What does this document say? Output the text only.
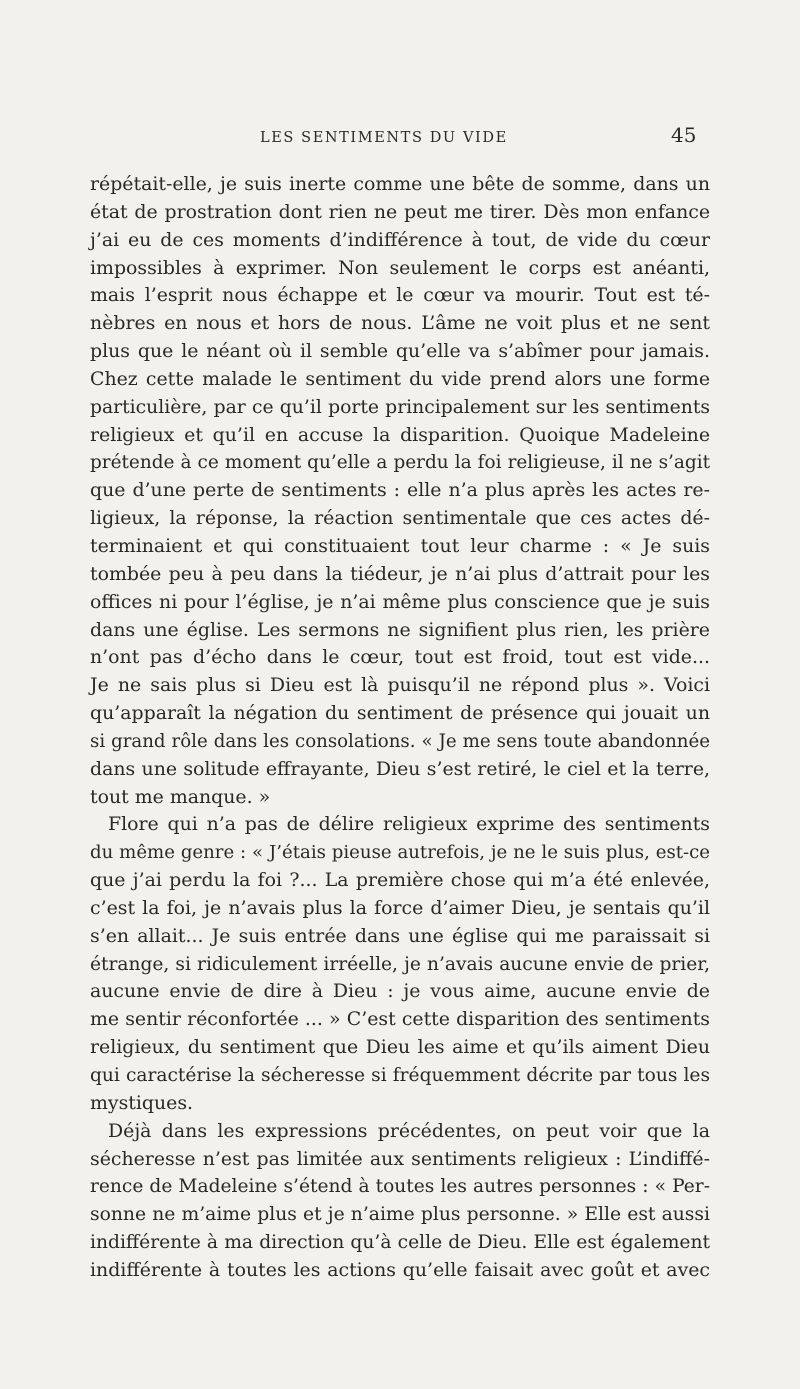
LES SENTIMENTS DU VIDE	45
répétait-elle, je suis inerte comme une bête de somme, dans un
état de prostration dont rien ne peut me tirer. Dès mon enfance
j’ai eu de ces moments d’indifférence à tout, de vide du cœur
impossibles à exprimer. Non seulement le corps est anéanti,
mais l’esprit nous échappe et le cœur va mourir. Tout est té-
nèbres en nous et hors de nous. L’âme ne voit plus et ne sent
plus que le néant où il semble qu’elle va s’abîmer pour jamais.
Chez cette malade le sentiment du vide prend alors une forme
particulière, par ce qu’il porte principalement sur les sentiments
religieux et qu’il en accuse la disparition. Quoique Madeleine
prétende à ce moment qu’elle a perdu la foi religieuse, il ne s’agit
que d’une perte de sentiments : elle n’a plus après les actes re-
ligieux, la réponse, la réaction sentimentale que ces actes dé-
terminaient et qui constituaient tout leur charme : « Je suis
tombée peu à peu dans la tiédeur, je n’ai plus d’attrait pour les
offices ni pour l’église, je n’ai même plus conscience que je suis
dans une église. Les sermons ne signifient plus rien, les prière
n’ont pas d’écho dans le cœur, tout est froid, tout est vide...
Je ne sais plus si Dieu est là puisqu’il ne répond plus ». Voici
qu’apparaît la négation du sentiment de présence qui jouait un
si grand rôle dans les consolations. « Je me sens toute abandonnée
dans une solitude effrayante, Dieu s’est retiré, le ciel et la terre,
tout me manque. »
Flore qui n’a pas de délire religieux exprime des sentiments
du même genre : « J’étais pieuse autrefois, je ne le suis plus, est-ce
que j’ai perdu la foi ?... La première chose qui m’a été enlevée,
c’est la foi, je n’avais plus la force d’aimer Dieu, je sentais qu’il
s’en allait... Je suis entrée dans une église qui me paraissait si
étrange, si ridiculement irréelle, je n’avais aucune envie de prier,
aucune envie de dire à Dieu : je vous aime, aucune envie de
me sentir réconfortée ... » C’est cette disparition des sentiments
religieux, du sentiment que Dieu les aime et qu’ils aiment Dieu
qui caractérise la sécheresse si fréquemment décrite par tous les
mystiques.
Déjà dans les expressions précédentes, on peut voir que la
sécheresse n’est pas limitée aux sentiments religieux : L’indiffé-
rence de Madeleine s’étend à toutes les autres personnes : « Per-
sonne ne m’aime plus et je n’aime plus personne. » Elle est aussi
indifférente à ma direction qu’à celle de Dieu. Elle est également
indifférente à toutes les actions qu’elle faisait avec goût et avec
